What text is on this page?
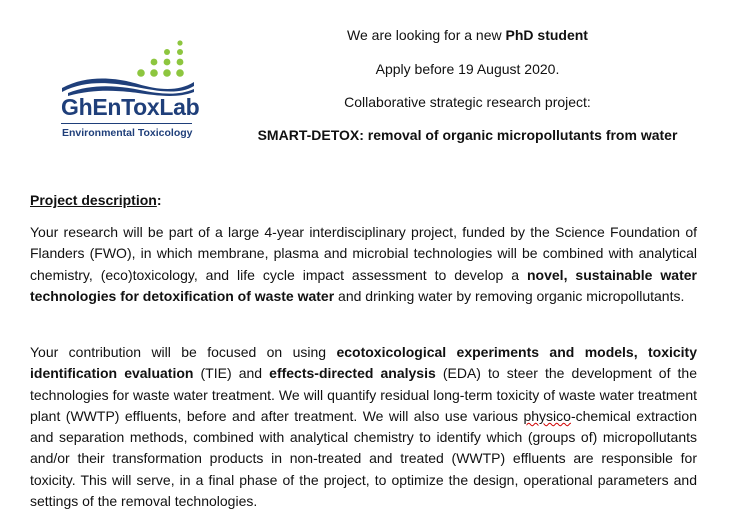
GhEnToxLab
Environmental Toxicology
We are looking for a new PhD student
Apply before 19 August 2020.
Collaborative strategic research project:
SMART-DETOX: removal of organic micropollutants from water
Project description:

Your research will be part of a large 4-year interdisciplinary project, funded by the Science Foundation of Flanders (FWO), in which membrane, plasma and microbial technologies will be combined with analytical chemistry, (eco)toxicology, and life cycle impact assessment to develop a novel, sustainable water technologies for detoxification of waste water and drinking water by removing organic micropollutants.

Your contribution will be focused on using ecotoxicological experiments and models, toxicity identification evaluation (TIE) and effects-directed analysis (EDA) to steer the development of the technologies for waste water treatment. We will quantify residual long-term toxicity of waste water treatment plant (WWTP) effluents, before and after treatment. We will also use various physico-chemical extraction and separation methods, combined with analytical chemistry to identify which (groups of) micropollutants and/or their transformation products in non-treated and treated (WWTP) effluents are responsible for toxicity. This will serve, in a final phase of the project, to optimize the design, operational parameters and settings of the removal technologies.
